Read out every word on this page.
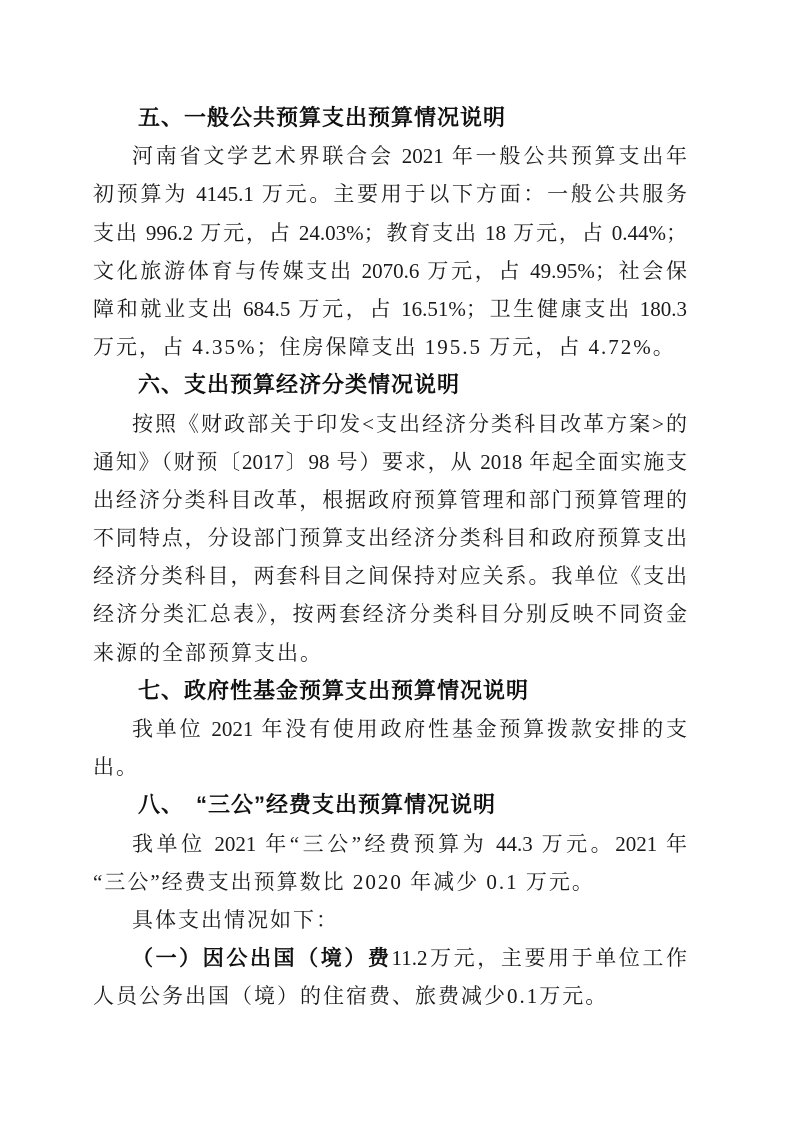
五、一般公共预算支出预算情况说明
河南省文学艺术界联合会 2021 年一般公共预算支出年
初预算为 4145.1 万元。主要用于以下方面：一般公共服务
支出 996.2 万元，占 24.03%；教育支出 18 万元，占 0.44%；
文化旅游体育与传媒支出 2070.6 万元，占 49.95%；社会保
障和就业支出 684.5 万元，占 16.51%；卫生健康支出 180.3
万元，占 4.35%；住房保障支出 195.5 万元，占 4.72%。
六、支出预算经济分类情况说明
按照《财政部关于印发<支出经济分类科目改革方案>的
通知》（财预〔2017〕98 号）要求，从 2018 年起全面实施支
出经济分类科目改革，根据政府预算管理和部门预算管理的
不同特点，分设部门预算支出经济分类科目和政府预算支出
经济分类科目，两套科目之间保持对应关系。我单位《支出
经济分类汇总表》，按两套经济分类科目分别反映不同资金
来源的全部预算支出。
七、政府性基金预算支出预算情况说明
我单位 2021 年没有使用政府性基金预算拨款安排的支
出。
八、　“三公”经费支出预算情况说明
我单位 2021 年“三公”经费预算为 44.3 万元。2021 年
“三公”经费支出预算数比 2020 年减少 0.1 万元。
具体支出情况如下：
（一）因公出国（境）费11.2万元，主要用于单位工作
人员公务出国（境）的住宿费、旅费减少0.1万元。
